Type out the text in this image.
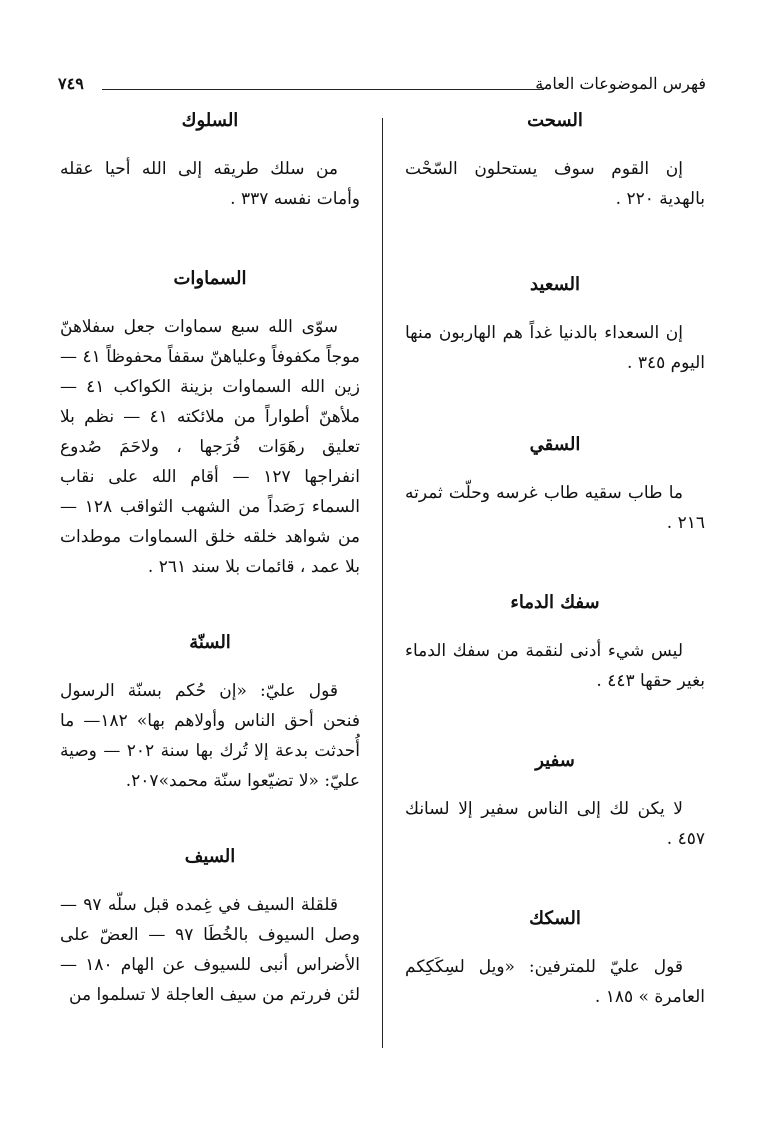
فهرس الموضوعات العامة
٧٤٩
السحت

إن القوم سوف يستحلون السّحْت بالهدية ٢٢٠ .

السعيد

إن السعداء بالدنيا غداً هم الهاربون منها اليوم ٣٤٥ .

السقي

ما طاب سقيه طاب غرسه وحلّت ثمرته ٢١٦ .

سفك الدماء

ليس شيء أدنى لنقمة من سفك الدماء بغير حقها ٤٤٣ .

سفير

لا يكن لك إلى الناس سفير إلا لسانك ٤٥٧ .

السكك

قول عليّ للمترفين: «ويل لسِكَكِكم العامرة » ١٨٥ .

السلوك

من سلك طريقه إلى الله أحيا عقله وأمات نفسه ٣٣٧ .

السماوات

سوّى الله سبع سماوات جعل سفلاهنّ موجاً مكفوفاً وعلياهنّ سقفاً محفوظاً ٤١ — زين الله السماوات بزينة الكواكب ٤١ — ملأهنّ أطواراً من ملائكته ٤١ — نظم بلا تعليق رهَوَات فُرَجها ، ولاحَمَ صُدوع انفراجها ١٢٧ — أقام الله على نقاب السماء رَصَداً من الشهب الثواقب ١٢٨ — من شواهد خلقه خلق السماوات موطدات بلا عمد ، قائمات بلا سند ٢٦١ .

السنّة

قول عليّ: «إن حُكم بسنّة الرسول فنحن أحق الناس وأولاهم بها» ١٨٢— ما أُحدثت بدعة إلا تُرك بها سنة ٢٠٢ — وصية عليّ: «لا تضيّعوا سنّة محمد»٢٠٧.

السيف

قلقلة السيف في غِمده قبل سلّه ٩٧ — وصل السيوف بالخُطَا ٩٧ — العضّ على الأضراس أنبى للسيوف عن الهام ١٨٠ — لئن فررتم من سيف العاجلة لا تسلموا من
